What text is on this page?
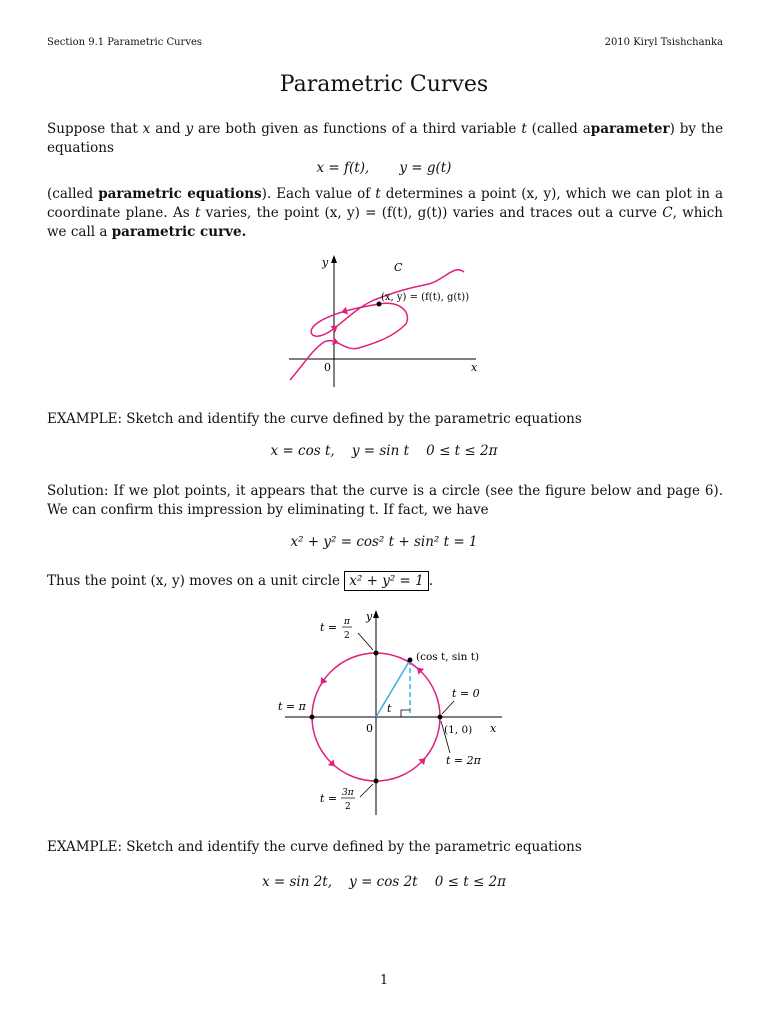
Section 9.1 Parametric Curves	2010 Kiryl Tsishchanka
Parametric Curves
Suppose that x and y are both given as functions of a third variable t (called aparameter) by the equations
x = f(t),       y = g(t)
(called parametric equations). Each value of t determines a point (x, y), which we can plot in a coordinate plane. As t varies, the point (x, y) = (f(t), g(t)) varies and traces out a curve C, which we call a parametric curve.
y
x
0
C
(x, y) = (f(t), g(t))
EXAMPLE: Sketch and identify the curve defined by the parametric equations
x = cos t,    y = sin t    0 ≤ t ≤ 2π
Solution: If we plot points, it appears that the curve is a circle (see the figure below and page 6). We can confirm this impression by eliminating t. If fact, we have
x² + y² = cos² t + sin² t = 1
Thus the point (x, y) moves on a unit circle x² + y² = 1 .
y
x
0
t
t = π
2
(cos t, sin t)
t = 0
(1, 0)
t = 2π
t = π
t = 3π
2
EXAMPLE: Sketch and identify the curve defined by the parametric equations
x = sin 2t,    y = cos 2t    0 ≤ t ≤ 2π
1
